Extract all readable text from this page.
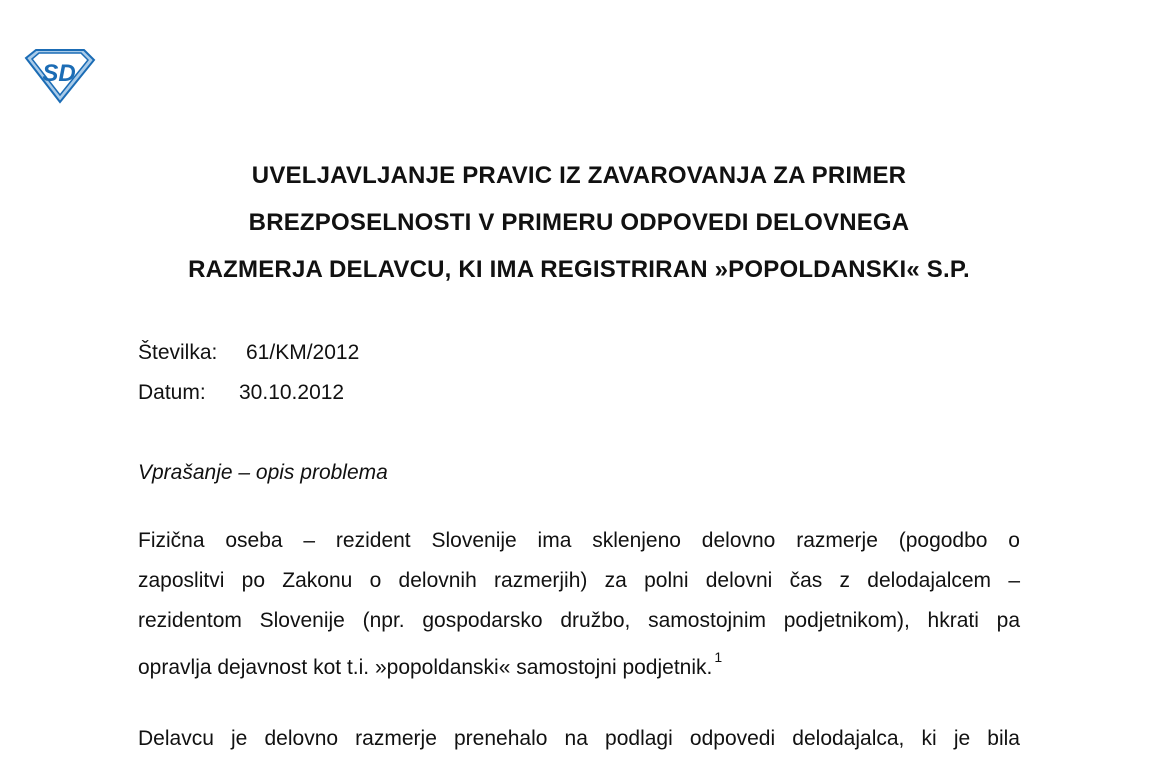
SD
UVELJAVLJANJE PRAVIC IZ ZAVAROVANJA ZA PRIMER
BREZPOSELNOSTI V PRIMERU ODPOVEDI DELOVNEGA
RAZMERJA DELAVCU, KI IMA REGISTRIRAN »POPOLDANSKI« S.P.
Številka: 61/KM/2012
Datum: 30.10.2012
Vprašanje – opis problema
Fizična oseba – rezident Slovenije ima sklenjeno delovno razmerje (pogodbo o
zaposlitvi po Zakonu o delovnih razmerjih) za polni delovni čas z delodajalcem –
rezidentom Slovenije (npr. gospodarsko družbo, samostojnim podjetnikom), hkrati pa
opravlja dejavnost kot t.i. »popoldanski« samostojni podjetnik. $^1$
Delavcu je delovno razmerje prenehalo na podlagi odpovedi delodajalca, ki je bila
